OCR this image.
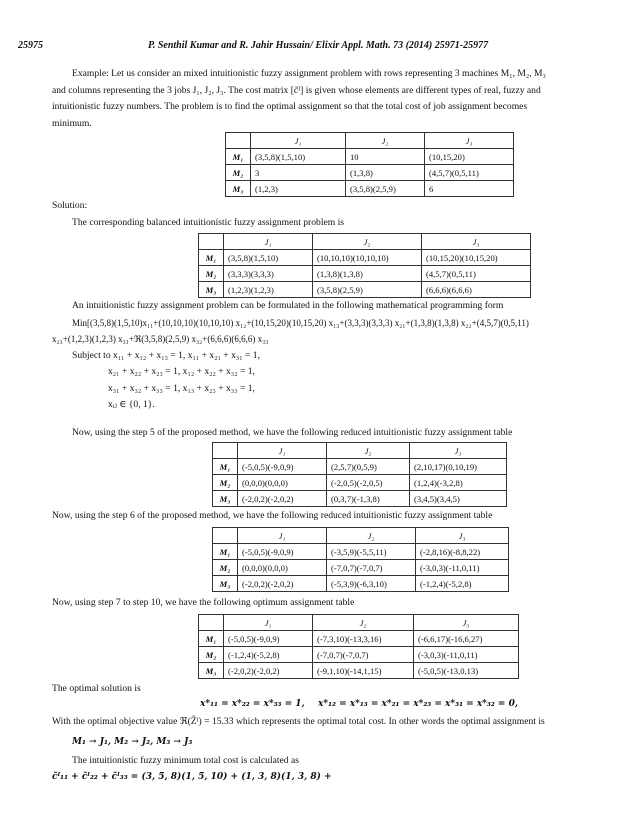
25975	P. Senthil Kumar and R. Jahir Hussain/ Elixir Appl. Math. 73 (2014) 25971-25977
Example: Let us consider an mixed intuitionistic fuzzy assignment problem with rows representing 3 machines M₁, M₂, M₃
and columns representing the 3 jobs J₁, J₂, J₃. The cost matrix [c̃ᴵ] is given whose elements are different types of real, fuzzy and
intuitionistic fuzzy numbers. The problem is to find the optimal assignment so that the total cost of job assignment becomes
minimum.
	J₁	J₂	J₃
M₁	(3,5,8)(1,5,10)	10	(10,15,20)
M₂	3	(1,3,8)	(4,5,7)(0,5,11)
M₃	(1,2,3)	(3,5,8)(2,5,9)	6
Solution:
The corresponding balanced intuitionistic fuzzy assignment problem is
	J₁	J₂	J₃
M₁	(3,5,8)(1,5,10)	(10,10,10)(10,10,10)	(10,15,20)(10,15,20)
M₂	(3,3,3)(3,3,3)	(1,3,8)(1,3,8)	(4,5,7)(0,5,11)
M₃	(1,2,3)(1,2,3)	(3,5,8)(2,5,9)	(6,6,6)(6,6,6)
An intuitionistic fuzzy assignment problem can be formulated in the following mathematical programming form
Min[(3,5,8)(1,5,10)x₁₁+(10,10,10)(10,10,10) x₁₂+(10,15,20)(10,15,20) x₁₃+(3,3,3)(3,3,3) x₂₁+(1,3,8)(1,3,8) x₂₂+(4,5,7)(0,5,11)
x₂₃+(1,2,3)(1,2,3) x₃₁+ℜ(3,5,8)(2,5,9) x₃₂+(6,6,6)(6,6,6) x₃₃
Subject to x₁₁ + x₁₂ + x₁₃ = 1, x₁₁ + x₂₁ + x₃₁ = 1,
x₂₁ + x₂₂ + x₂₃ = 1, x₁₂ + x₂₂ + x₃₂ = 1,
x₃₁ + x₃₂ + x₃₃ = 1, x₁₃ + x₂₃ + x₃₃ = 1,
xᵢⱼ ∈ {0, 1}.
Now, using the step 5 of the proposed method, we have the following reduced intuitionistic fuzzy assignment table
	J₁	J₂	J₃
M₁	(-5,0,5)(-9,0,9)	(2,5,7)(0,5,9)	(2,10,17)(0,10,19)
M₂	(0,0,0)(0,0,0)	(-2,0,5)(-2,0,5)	(1,2,4)(-3,2,8)
M₃	(-2,0,2)(-2,0,2)	(0,3,7)(-1,3,8)	(3,4,5)(3,4,5)
Now, using the step 6 of the proposed method, we have the following reduced intuitionistic fuzzy assignment table
	J₁	J₂	J₃
M₁	(-5,0,5)(-9,0,9)	(-3,5,9)(-5,5,11)	(-2,8,16)(-8,8,22)
M₂	(0,0,0)(0,0,0)	(-7,0,7)(-7,0,7)	(-3,0,3)(-11,0,11)
M₃	(-2,0,2)(-2,0,2)	(-5,3,9)(-6,3,10)	(-1,2,4)(-5,2,8)
Now, using step 7 to step 10, we have the following optimum assignment table
	J₁	J₂	J₃
M₁	(-5,0,5)(-9,0,9)	(-7,3,10)(-13,3,16)	(-6,6,17)(-16,6,27)
M₂	(-1,2,4)(-5,2,8)	(-7,0,7)(-7,0,7)	(-3,0,3)(-11,0,11)
M₃	(-2,0,2)(-2,0,2)	(-9,1,10)(-14,1,15)	(-5,0,5)(-13,0,13)
The optimal solution is
x*₁₁ = x*₂₂ = x*₃₃ = 1, x*₁₂ = x*₁₃ = x*₂₁ = x*₂₃ = x*₃₁ = x*₃₂ = 0,
With the optimal objective value ℜ(Z̃ᴵ) = 15.33 which represents the optimal total cost. In other words the optimal assignment is
M₁ → J₁, M₂ → J₂, M₃ → J₃
The intuitionistic fuzzy minimum total cost is calculated as
c̃ᴵ₁₁ + c̃ᴵ₂₂ + c̃ᴵ₃₃ = (3, 5, 8)(1, 5, 10) + (1, 3, 8)(1, 3, 8) +
